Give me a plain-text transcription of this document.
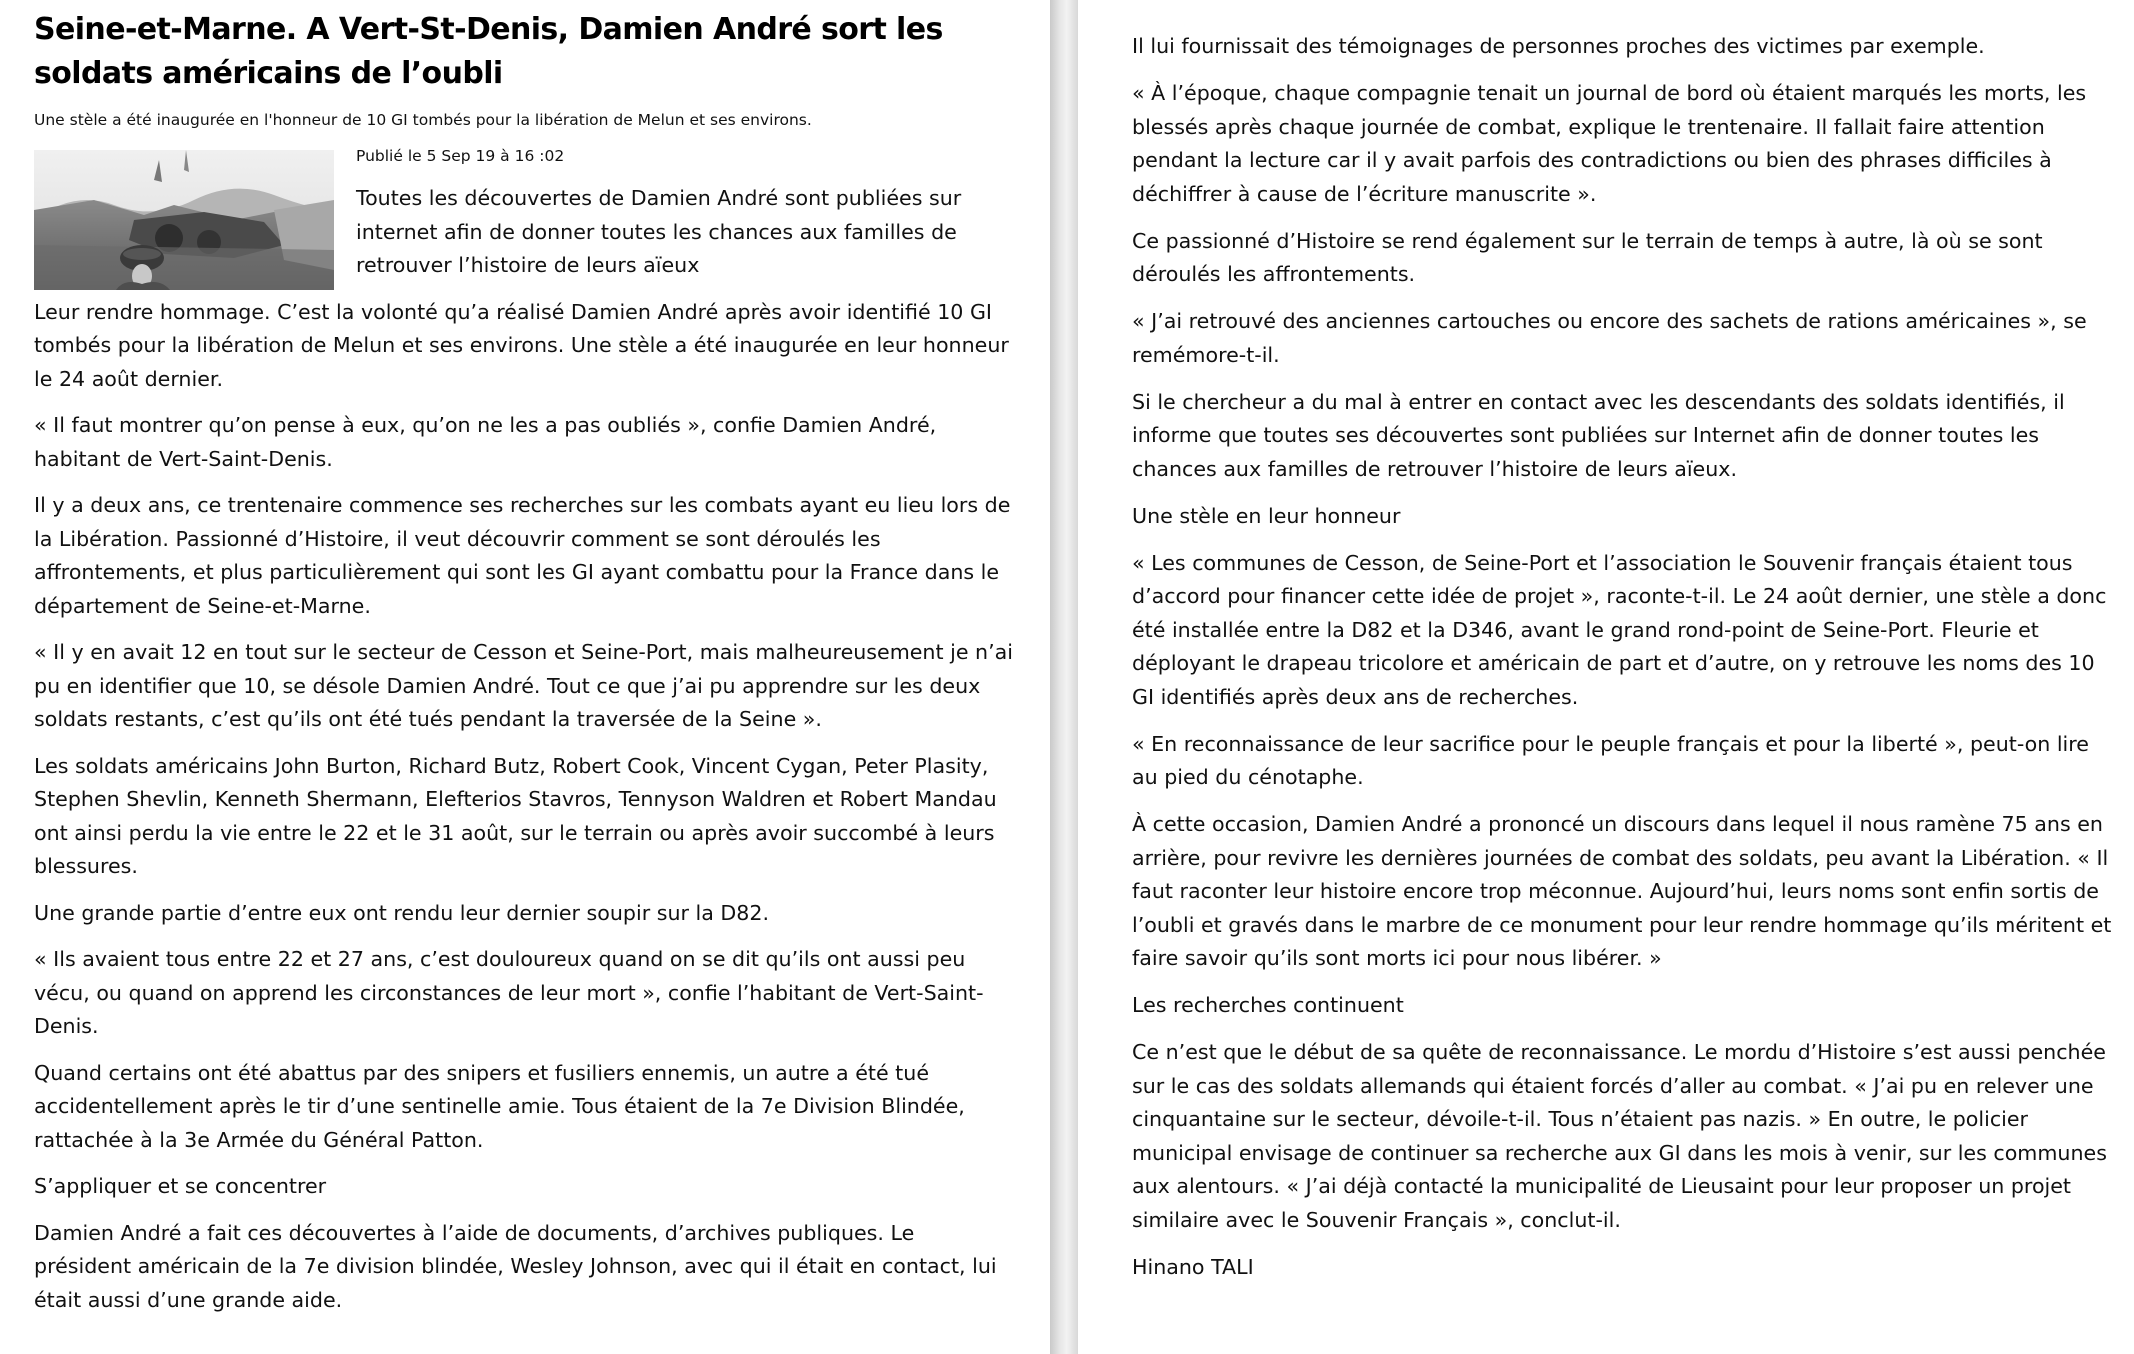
Seine-et-Marne. A Vert-St-Denis, Damien André sort les soldats américains de l’oubli
Une stèle a été inaugurée en l'honneur de 10 GI tombés pour la libération de Melun et ses environs.
Publié le 5 Sep 19 à 16 :02

Toutes les découvertes de Damien André sont publiées sur internet afin de donner toutes les chances aux familles de retrouver l’histoire de leurs aïeux

Leur rendre hommage. C’est la volonté qu’a réalisé Damien André après avoir identifié 10 GI tombés pour la libération de Melun et ses environs. Une stèle a été inaugurée en leur honneur le 24 août dernier.

« Il faut montrer qu’on pense à eux, qu’on ne les a pas oubliés », confie Damien André, habitant de Vert-Saint-Denis.

Il y a deux ans, ce trentenaire commence ses recherches sur les combats ayant eu lieu lors de la Libération. Passionné d’Histoire, il veut découvrir comment se sont déroulés les affrontements, et plus particulièrement qui sont les GI ayant combattu pour la France dans le département de Seine-et-Marne.

« Il y en avait 12 en tout sur le secteur de Cesson et Seine-Port, mais malheureusement je n’ai pu en identifier que 10, se désole Damien André. Tout ce que j’ai pu apprendre sur les deux soldats restants, c’est qu’ils ont été tués pendant la traversée de la Seine ».

Les soldats américains John Burton, Richard Butz, Robert Cook, Vincent Cygan, Peter Plasity, Stephen Shevlin, Kenneth Shermann, Elefterios Stavros, Tennyson Waldren et Robert Mandau ont ainsi perdu la vie entre le 22 et le 31 août, sur le terrain ou après avoir succombé à leurs blessures.

Une grande partie d’entre eux ont rendu leur dernier soupir sur la D82.

« Ils avaient tous entre 22 et 27 ans, c’est douloureux quand on se dit qu’ils ont aussi peu vécu, ou quand on apprend les circonstances de leur mort », confie l’habitant de Vert-Saint-Denis.

Quand certains ont été abattus par des snipers et fusiliers ennemis, un autre a été tué accidentellement après le tir d’une sentinelle amie. Tous étaient de la 7e Division Blindée, rattachée à la 3e Armée du Général Patton.

S’appliquer et se concentrer

Damien André a fait ces découvertes à l’aide de documents, d’archives publiques. Le président américain de la 7e division blindée, Wesley Johnson, avec qui il était en contact, lui était aussi d’une grande aide.

Il lui fournissait des témoignages de personnes proches des victimes par exemple.

« À l’époque, chaque compagnie tenait un journal de bord où étaient marqués les morts, les blessés après chaque journée de combat, explique le trentenaire. Il fallait faire attention pendant la lecture car il y avait parfois des contradictions ou bien des phrases difficiles à déchiffrer à cause de l’écriture manuscrite ».

Ce passionné d’Histoire se rend également sur le terrain de temps à autre, là où se sont déroulés les affrontements.

« J’ai retrouvé des anciennes cartouches ou encore des sachets de rations américaines », se remémore-t-il.

Si le chercheur a du mal à entrer en contact avec les descendants des soldats identifiés, il informe que toutes ses découvertes sont publiées sur Internet afin de donner toutes les chances aux familles de retrouver l’histoire de leurs aïeux.

Une stèle en leur honneur

« Les communes de Cesson, de Seine-Port et l’association le Souvenir français étaient tous d’accord pour financer cette idée de projet », raconte-t-il. Le 24 août dernier, une stèle a donc été installée entre la D82 et la D346, avant le grand rond-point de Seine-Port. Fleurie et déployant le drapeau tricolore et américain de part et d’autre, on y retrouve les noms des 10 GI identifiés après deux ans de recherches.

« En reconnaissance de leur sacrifice pour le peuple français et pour la liberté », peut-on lire au pied du cénotaphe.

À cette occasion, Damien André a prononcé un discours dans lequel il nous ramène 75 ans en arrière, pour revivre les dernières journées de combat des soldats, peu avant la Libération. « Il faut raconter leur histoire encore trop méconnue. Aujourd’hui, leurs noms sont enfin sortis de l’oubli et gravés dans le marbre de ce monument pour leur rendre hommage qu’ils méritent et faire savoir qu’ils sont morts ici pour nous libérer. »

Les recherches continuent

Ce n’est que le début de sa quête de reconnaissance. Le mordu d’Histoire s’est aussi penchée sur le cas des soldats allemands qui étaient forcés d’aller au combat. « J’ai pu en relever une cinquantaine sur le secteur, dévoile-t-il. Tous n’étaient pas nazis. » En outre, le policier municipal envisage de continuer sa recherche aux GI dans les mois à venir, sur les communes aux alentours. « J’ai déjà contacté la municipalité de Lieusaint pour leur proposer un projet similaire avec le Souvenir Français », conclut-il.

Hinano TALI
